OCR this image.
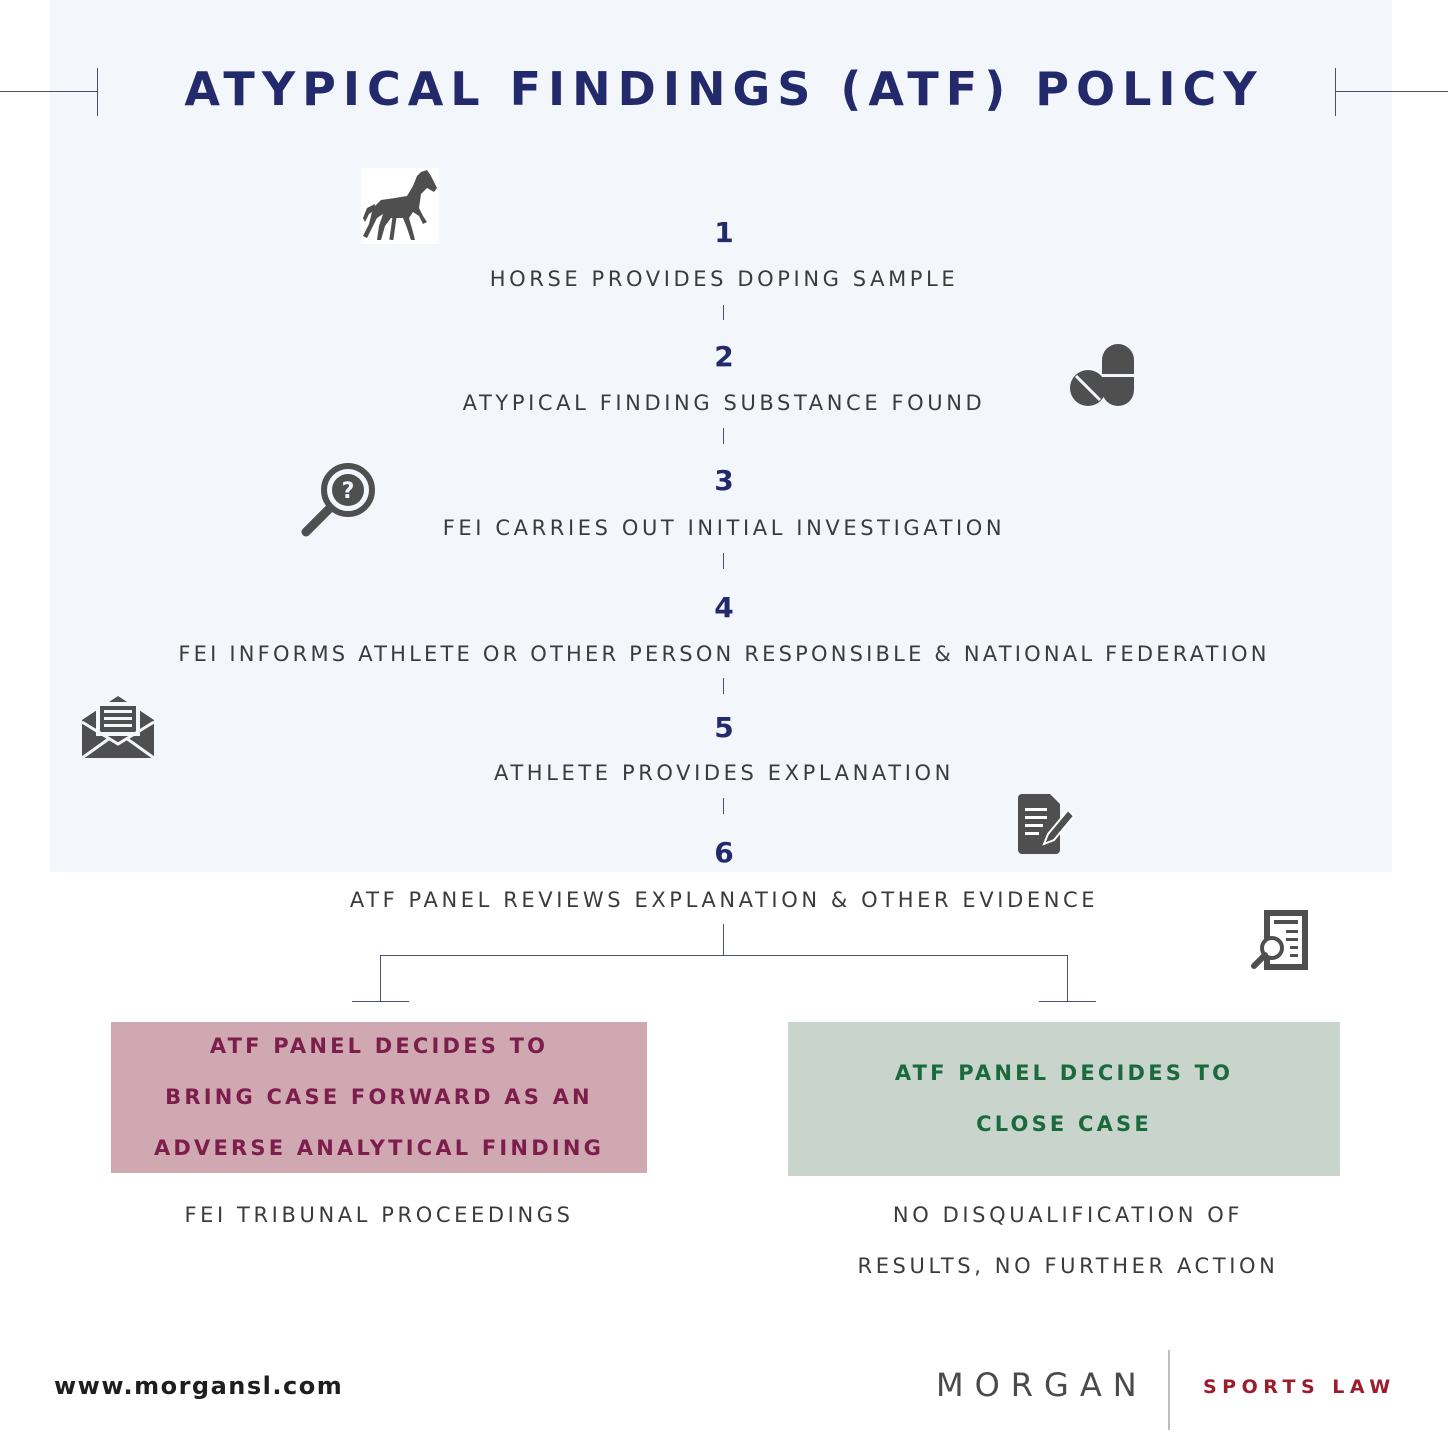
ATYPICAL FINDINGS (ATF) POLICY
1
HORSE PROVIDES DOPING SAMPLE
2
ATYPICAL FINDING SUBSTANCE FOUND
3
FEI CARRIES OUT INITIAL INVESTIGATION
4
FEI INFORMS ATHLETE OR OTHER PERSON RESPONSIBLE & NATIONAL FEDERATION
5
ATHLETE PROVIDES EXPLANATION
6
ATF PANEL REVIEWS EXPLANATION & OTHER EVIDENCE
ATF PANEL DECIDES TO
BRING CASE FORWARD AS AN
ADVERSE ANALYTICAL FINDING
ATF PANEL DECIDES TO
CLOSE CASE
FEI TRIBUNAL PROCEEDINGS	NO DISQUALIFICATION OF
RESULTS, NO FURTHER ACTION
?
www.morgansl.com	MORGAN	SPORTS LAW
